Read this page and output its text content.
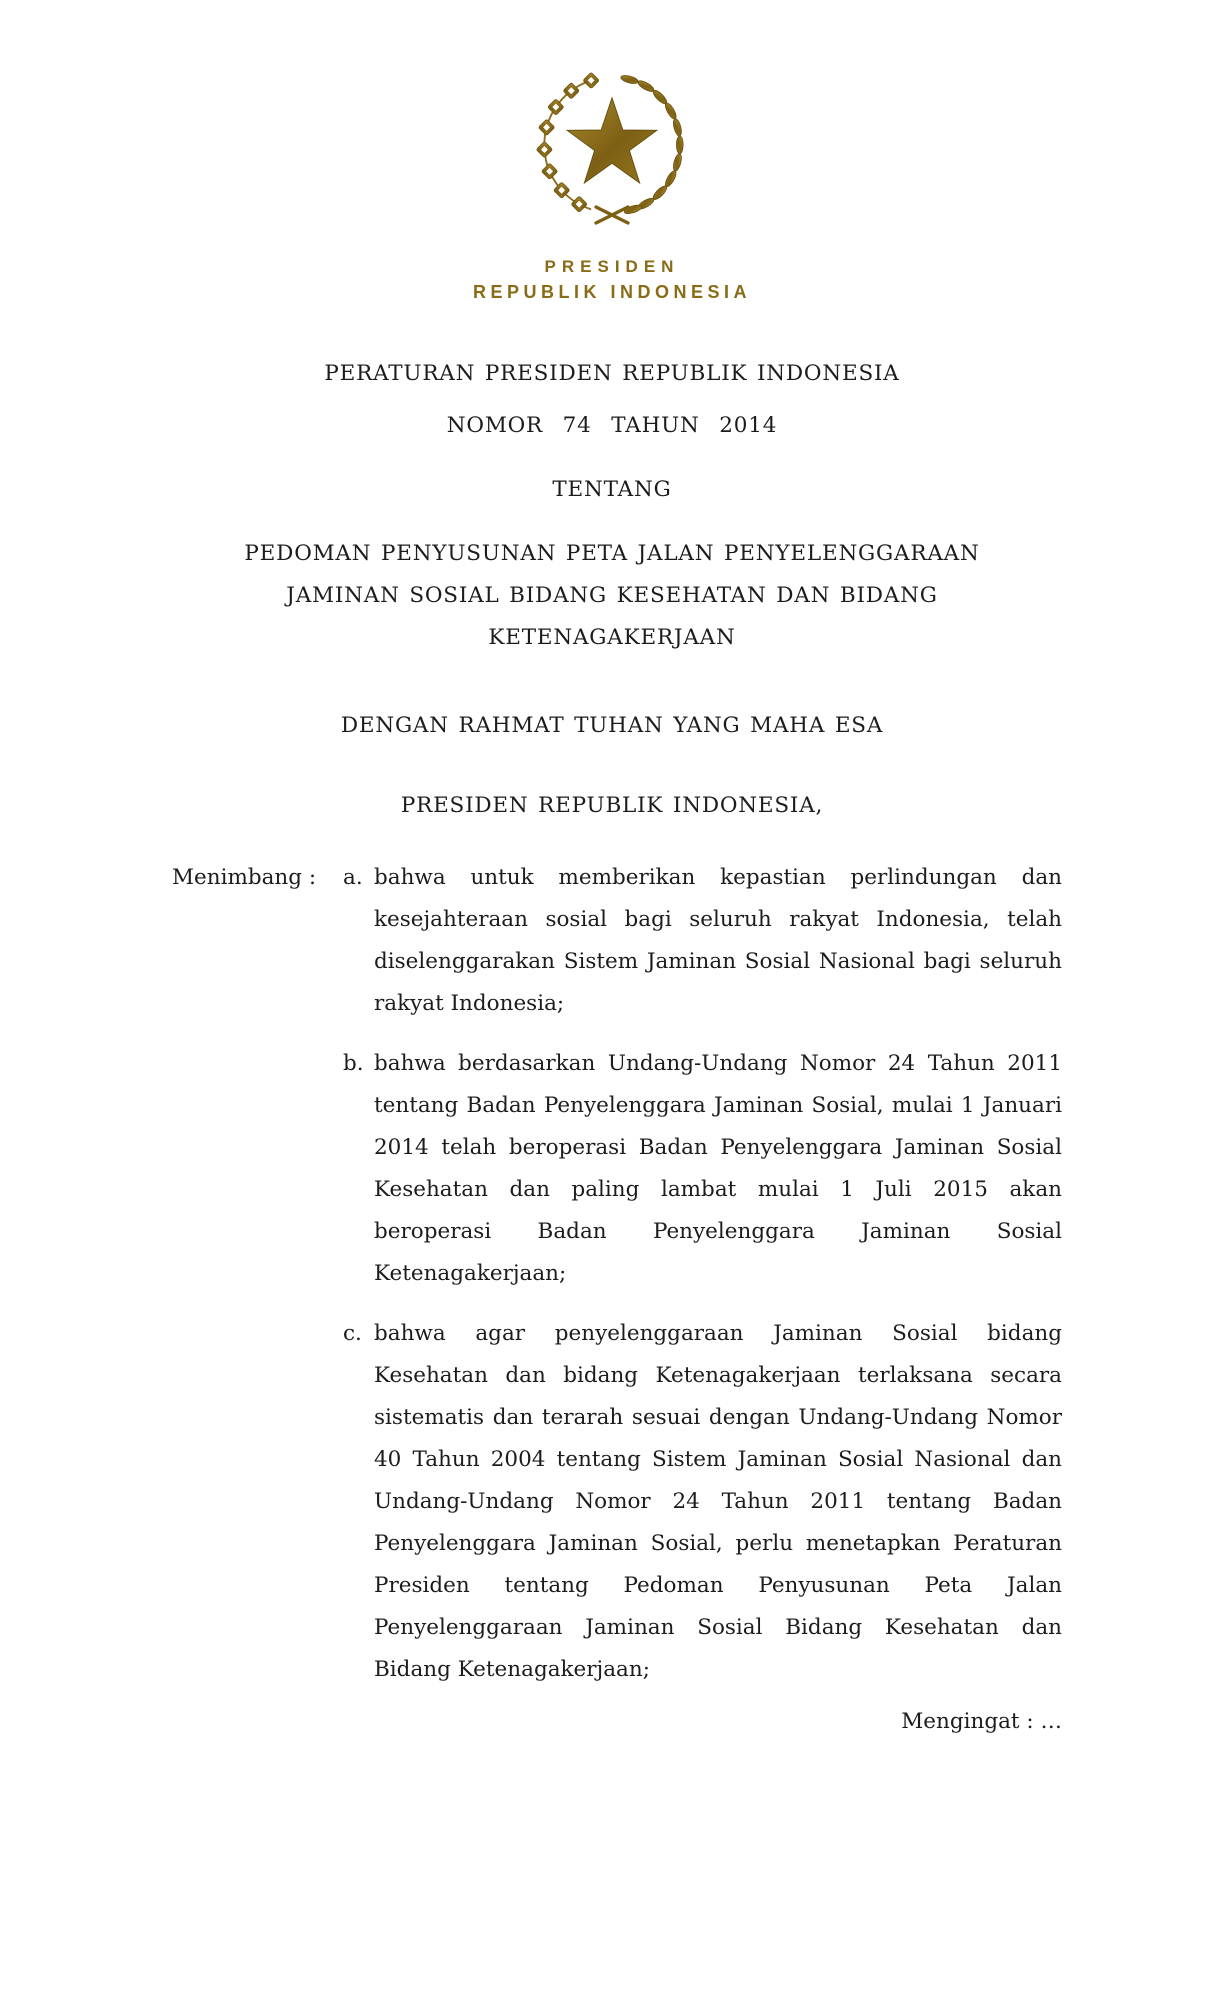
PRESIDEN
REPUBLIK INDONESIA
PERATURAN PRESIDEN REPUBLIK INDONESIA
NOMOR 74 TAHUN 2014
TENTANG
PEDOMAN PENYUSUNAN PETA JALAN PENYELENGGARAAN
JAMINAN SOSIAL BIDANG KESEHATAN DAN BIDANG
KETENAGAKERJAAN
DENGAN RAHMAT TUHAN YANG MAHA ESA
PRESIDEN REPUBLIK INDONESIA,
Menimbang :	a. bahwa untuk memberikan kepastian perlindungan dan kesejahteraan sosial bagi seluruh rakyat Indonesia, telah diselenggarakan Sistem Jaminan Sosial Nasional bagi seluruh rakyat Indonesia;
b. bahwa berdasarkan Undang-Undang Nomor 24 Tahun 2011 tentang Badan Penyelenggara Jaminan Sosial, mulai 1 Januari 2014 telah beroperasi Badan Penyelenggara Jaminan Sosial Kesehatan dan paling lambat mulai 1 Juli 2015 akan beroperasi Badan Penyelenggara Jaminan Sosial Ketenagakerjaan;
c. bahwa agar penyelenggaraan Jaminan Sosial bidang Kesehatan dan bidang Ketenagakerjaan terlaksana secara sistematis dan terarah sesuai dengan Undang-Undang Nomor 40 Tahun 2004 tentang Sistem Jaminan Sosial Nasional dan Undang-Undang Nomor 24 Tahun 2011 tentang Badan Penyelenggara Jaminan Sosial, perlu menetapkan Peraturan Presiden tentang Pedoman Penyusunan Peta Jalan Penyelenggaraan Jaminan Sosial Bidang Kesehatan dan Bidang Ketenagakerjaan;
Mengingat : …
